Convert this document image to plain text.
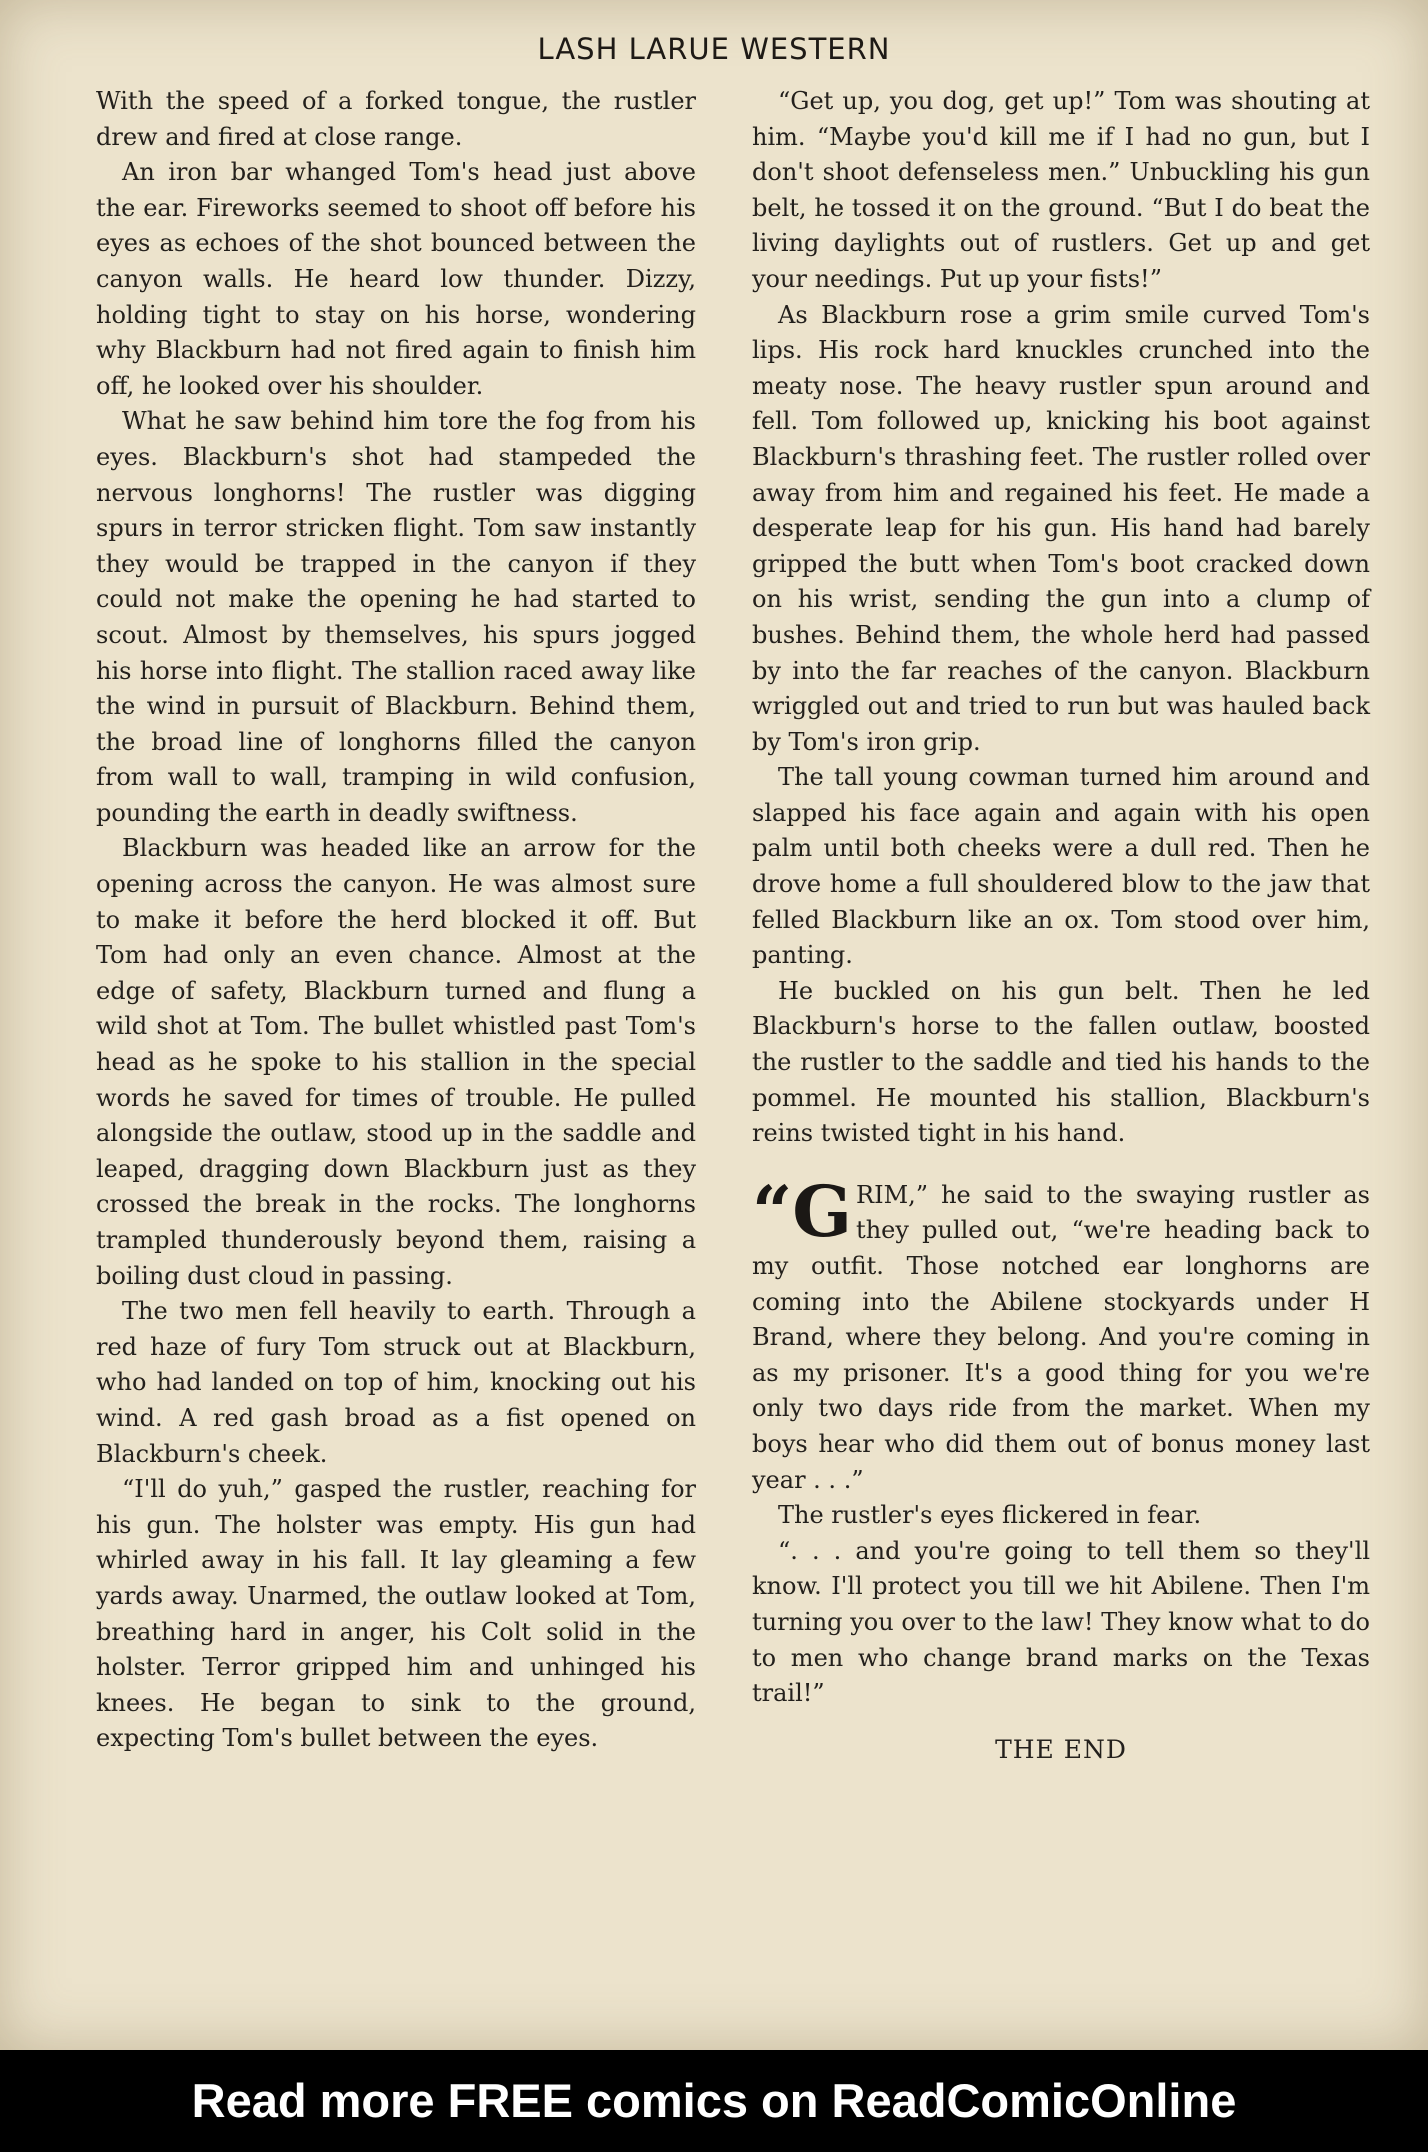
LASH LARUE WESTERN

With the speed of a forked tongue, the rustler drew and fired at close range.

An iron bar whanged Tom's head just above the ear. Fireworks seemed to shoot off before his eyes as echoes of the shot bounced between the canyon walls. He heard low thunder. Dizzy, holding tight to stay on his horse, wondering why Blackburn had not fired again to finish him off, he looked over his shoulder.

What he saw behind him tore the fog from his eyes. Blackburn's shot had stampeded the nervous longhorns! The rustler was digging spurs in terror stricken flight. Tom saw instantly they would be trapped in the canyon if they could not make the opening he had started to scout. Almost by themselves, his spurs jogged his horse into flight. The stallion raced away like the wind in pursuit of Blackburn. Behind them, the broad line of longhorns filled the canyon from wall to wall, tramping in wild confusion, pounding the earth in deadly swiftness.

Blackburn was headed like an arrow for the opening across the canyon. He was almost sure to make it before the herd blocked it off. But Tom had only an even chance. Almost at the edge of safety, Blackburn turned and flung a wild shot at Tom. The bullet whistled past Tom's head as he spoke to his stallion in the special words he saved for times of trouble. He pulled alongside the outlaw, stood up in the saddle and leaped, dragging down Blackburn just as they crossed the break in the rocks. The longhorns trampled thunderously beyond them, raising a boiling dust cloud in passing.

The two men fell heavily to earth. Through a red haze of fury Tom struck out at Blackburn, who had landed on top of him, knocking out his wind. A red gash broad as a fist opened on Blackburn's cheek.

“I'll do yuh,” gasped the rustler, reaching for his gun. The holster was empty. His gun had whirled away in his fall. It lay gleaming a few yards away. Unarmed, the outlaw looked at Tom, breathing hard in anger, his Colt solid in the holster. Terror gripped him and unhinged his knees. He began to sink to the ground, expecting Tom's bullet between the eyes.

“Get up, you dog, get up!” Tom was shouting at him. “Maybe you'd kill me if I had no gun, but I don't shoot defenseless men.” Unbuckling his gun belt, he tossed it on the ground. “But I do beat the living daylights out of rustlers. Get up and get your needings. Put up your fists!”

As Blackburn rose a grim smile curved Tom's lips. His rock hard knuckles crunched into the meaty nose. The heavy rustler spun around and fell. Tom followed up, knicking his boot against Blackburn's thrashing feet. The rustler rolled over away from him and regained his feet. He made a desperate leap for his gun. His hand had barely gripped the butt when Tom's boot cracked down on his wrist, sending the gun into a clump of bushes. Behind them, the whole herd had passed by into the far reaches of the canyon. Blackburn wriggled out and tried to run but was hauled back by Tom's iron grip.

The tall young cowman turned him around and slapped his face again and again with his open palm until both cheeks were a dull red. Then he drove home a full shouldered blow to the jaw that felled Blackburn like an ox. Tom stood over him, panting.

He buckled on his gun belt. Then he led Blackburn's horse to the fallen outlaw, boosted the rustler to the saddle and tied his hands to the pommel. He mounted his stallion, Blackburn's reins twisted tight in his hand.

“GRIM,” he said to the swaying rustler as they pulled out, “we're heading back to my outfit. Those notched ear longhorns are coming into the Abilene stockyards under H Brand, where they belong. And you're coming in as my prisoner. It's a good thing for you we're only two days ride from the market. When my boys hear who did them out of bonus money last year . . .”

The rustler's eyes flickered in fear.

“. . . and you're going to tell them so they'll know. I'll protect you till we hit Abilene. Then I'm turning you over to the law! They know what to do to men who change brand marks on the Texas trail!”

THE END
Read more FREE comics on ReadComicOnline
